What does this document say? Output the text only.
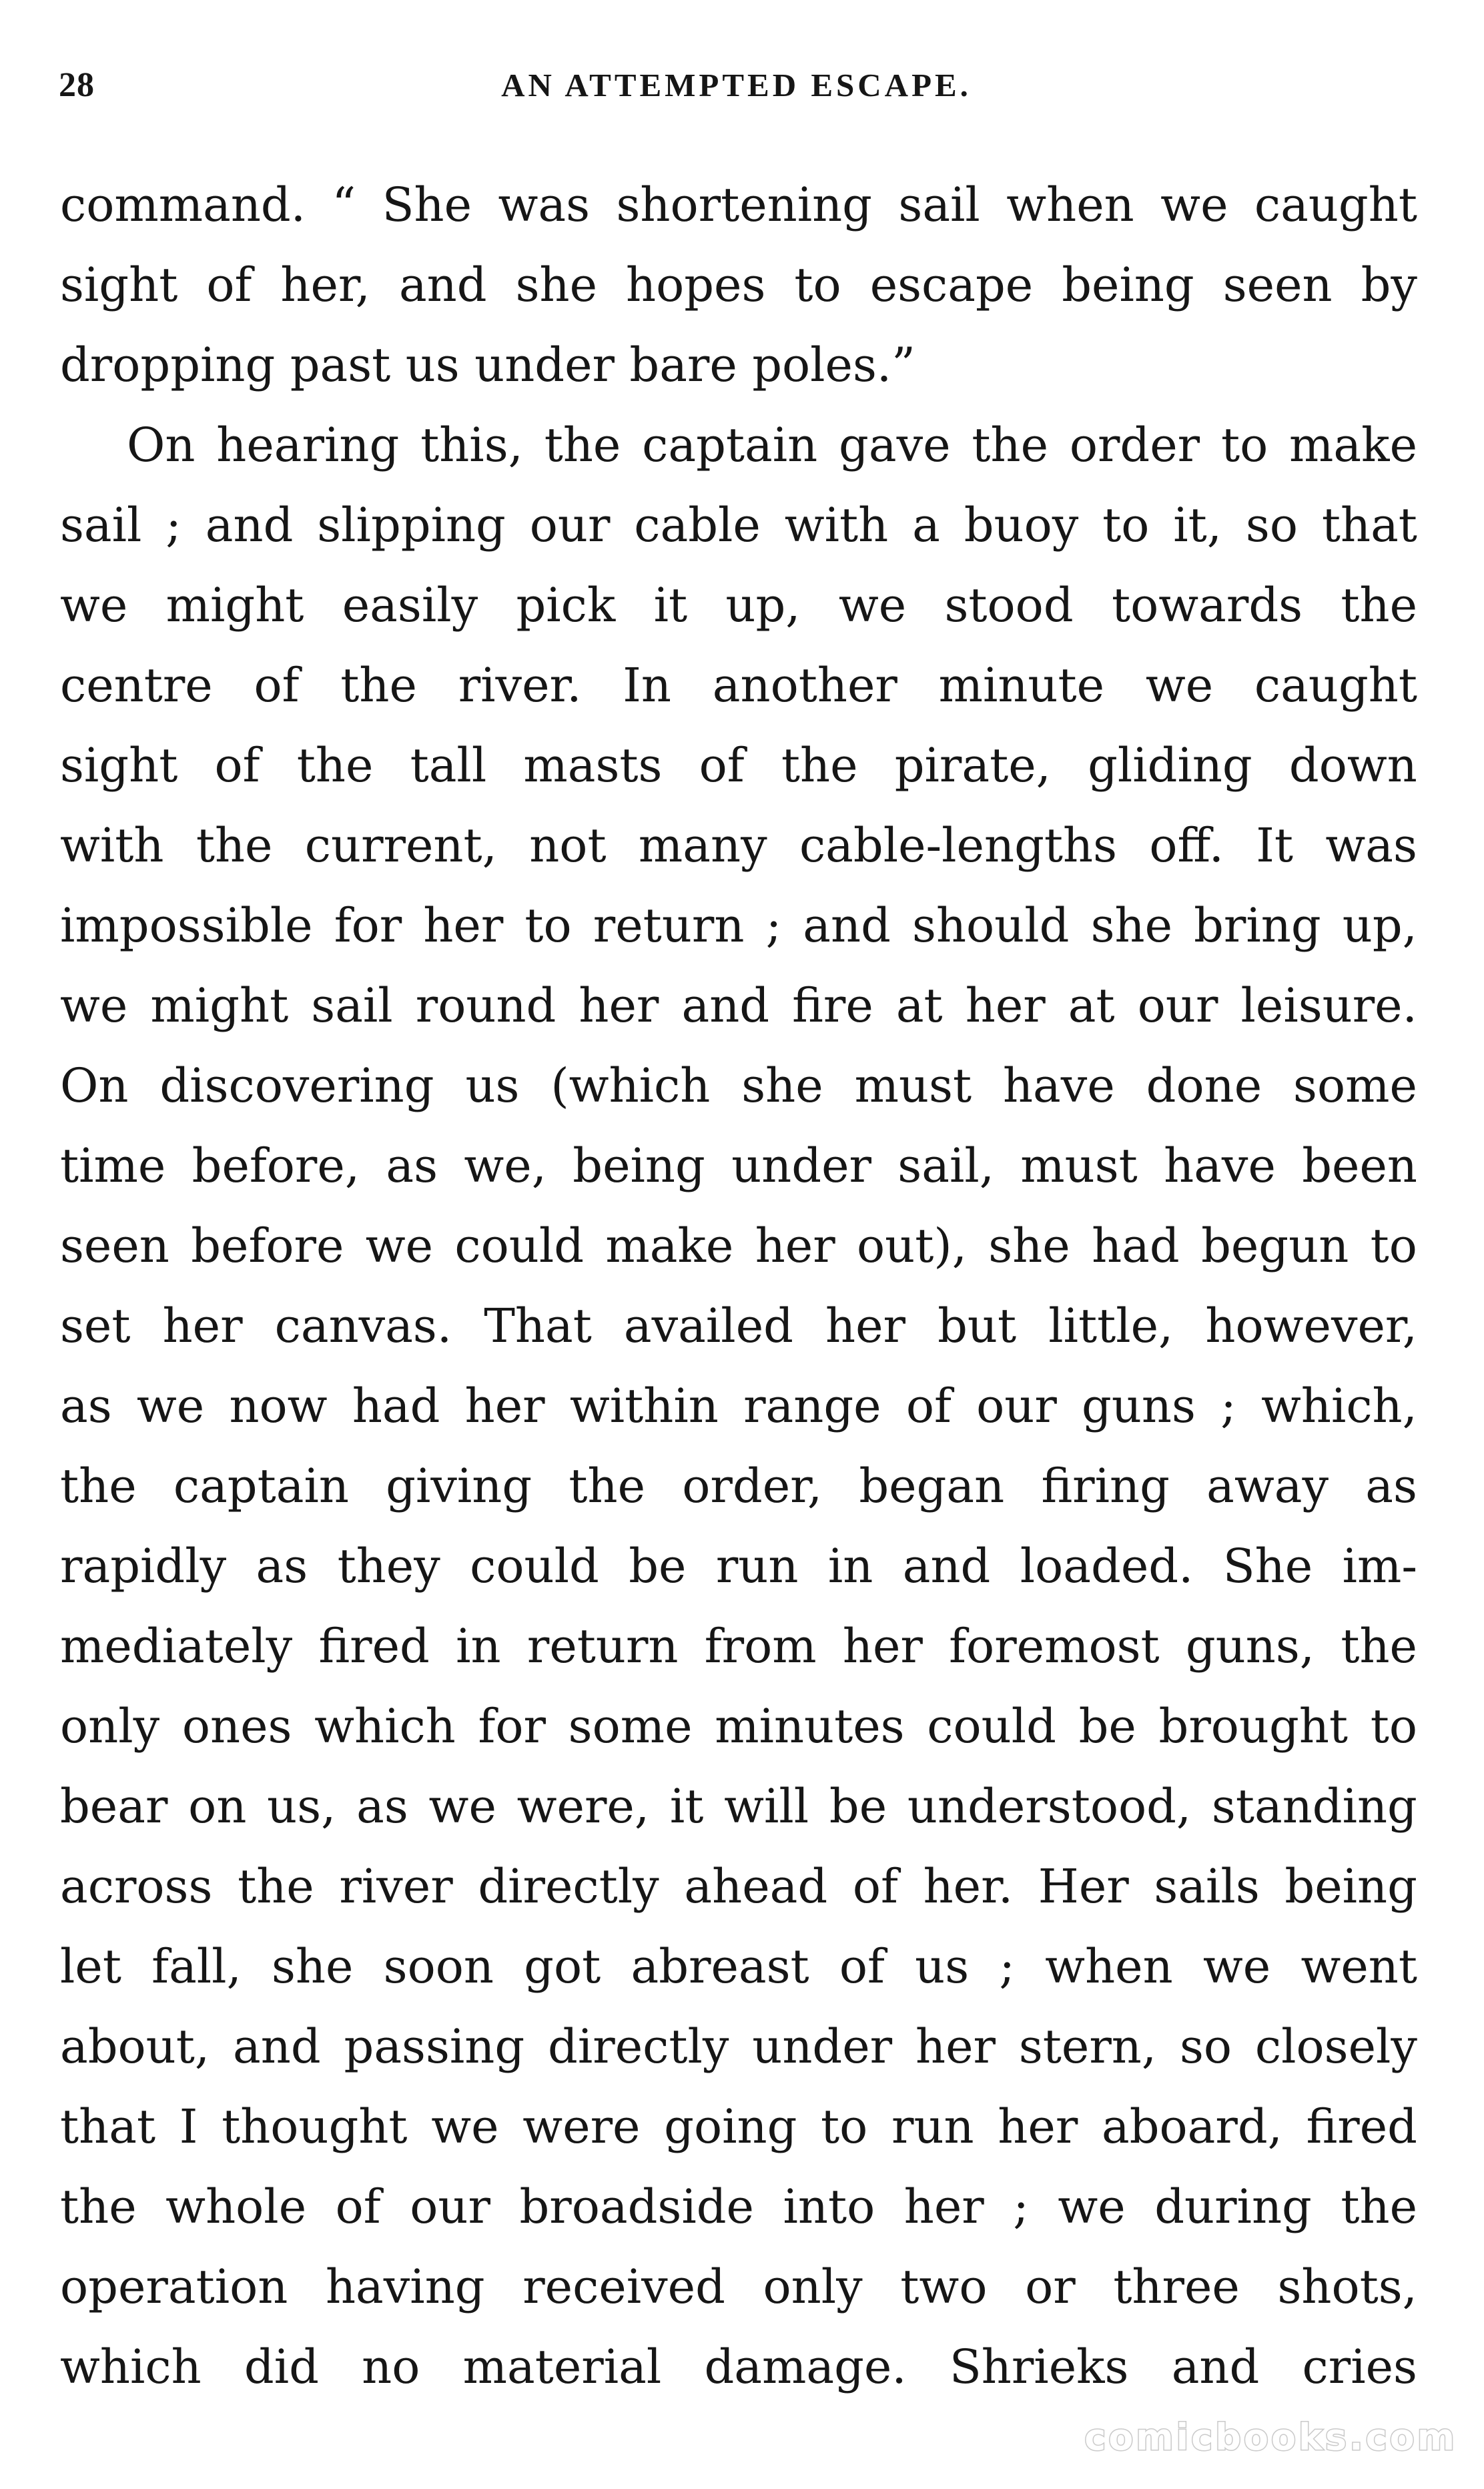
28	AN ATTEMPTED ESCAPE.
command. “ She was shortening sail when we caught
sight of her, and she hopes to escape being seen by
dropping past us under bare poles.”
On hearing this, the captain gave the order to make
sail ; and slipping our cable with a buoy to it, so that
we might easily pick it up, we stood towards the
centre of the river. In another minute we caught
sight of the tall masts of the pirate, gliding down
with the current, not many cable-lengths off. It was
impossible for her to return ; and should she bring up,
we might sail round her and fire at her at our leisure.
On discovering us (which she must have done some
time before, as we, being under sail, must have been
seen before we could make her out), she had begun to
set her canvas. That availed her but little, however,
as we now had her within range of our guns ; which,
the captain giving the order, began firing away as
rapidly as they could be run in and loaded. She im-
mediately fired in return from her foremost guns, the
only ones which for some minutes could be brought to
bear on us, as we were, it will be understood, standing
across the river directly ahead of her. Her sails being
let fall, she soon got abreast of us ; when we went
about, and passing directly under her stern, so closely
that I thought we were going to run her aboard, fired
the whole of our broadside into her ; we during the
operation having received only two or three shots,
which did no material damage. Shrieks and cries
comicbooks.com
